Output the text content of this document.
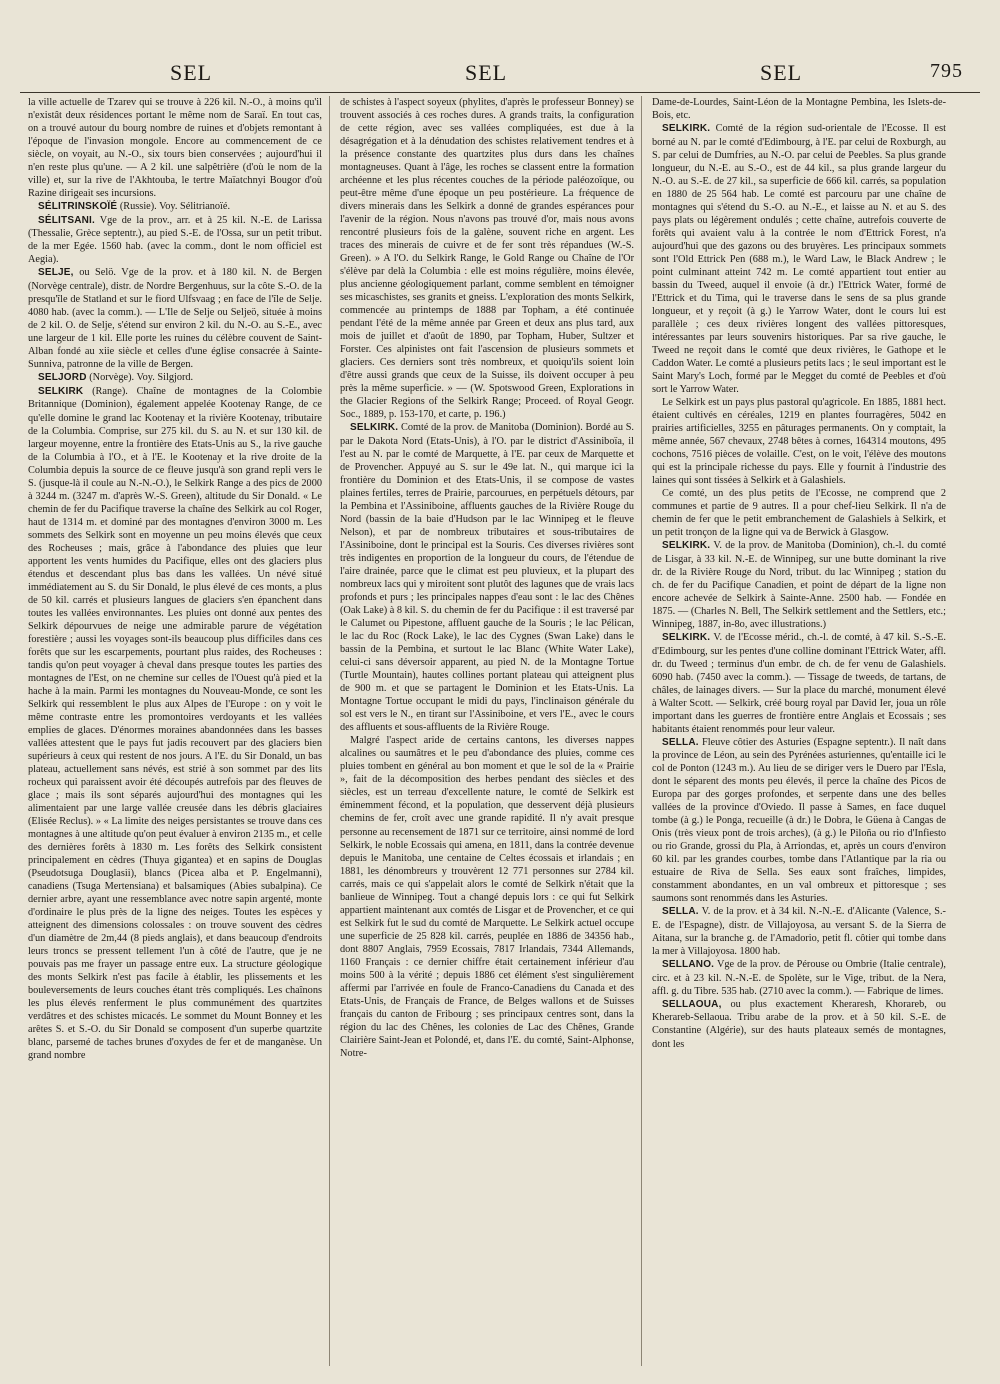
SEL	SEL	SEL	795

la ville actuelle de Tzarev qui se trouve à 226 kil. N.-O., à moins qu'il n'existât deux résidences portant le même nom de Saraï. En tout cas, on a trouvé autour du bourg nombre de ruines et d'objets remontant à l'époque de l'invasion mongole. Encore au commencement de ce siècle, on voyait, au N.-O., six tours bien conservées ; aujourd'hui il n'en reste plus qu'une. — A 2 kil. une salpêtrière (d'où le nom de la ville) et, sur la rive de l'Akhtouba, le tertre Maïatchnyi Bougor d'où Razine dirigeait ses incursions.

SÉLITRINSKOÏÉ (Russie). Voy. Sélitrianoïé.

SÉLITSANI. Vge de la prov., arr. et à 25 kil. N.-E. de Larissa (Thessalie, Grèce septentr.), au pied S.-E. de l'Ossa, sur un petit tribut. de la mer Egée. 1560 hab. (avec la comm., dont le nom officiel est Aegia).

SELJE, ou Selö. Vge de la prov. et à 180 kil. N. de Bergen (Norvège centrale), distr. de Nordre Bergenhuus, sur la côte S.-O. de la presqu'île de Statland et sur le fiord Ulfsvaag ; en face de l'île de Selje. 4080 hab. (avec la comm.). — L'Ile de Selje ou Seljeö, située à moins de 2 kil. O. de Selje, s'étend sur environ 2 kil. du N.-O. au S.-E., avec une largeur de 1 kil. Elle porte les ruines du célèbre couvent de Saint-Alban fondé au xiie siècle et celles d'une église consacrée à Sainte-Sunniva, patronne de la ville de Bergen.

SELJORD (Norvège). Voy. Silgjord.

SELKIRK (Range). Chaîne de montagnes de la Colombie Britannique (Dominion), également appelée Kootenay Range, de ce qu'elle domine le grand lac Kootenay et la rivière Kootenay, tributaire de la Columbia. Comprise, sur 275 kil. du S. au N. et sur 130 kil. de largeur moyenne, entre la frontière des Etats-Unis au S., la rive gauche de la Columbia à l'O., et à l'E. le Kootenay et la rive droite de la Columbia depuis la source de ce fleuve jusqu'à son grand repli vers le S. (jusque-là il coule au N.-N.-O.), le Selkirk Range a des pics de 2000 à 3244 m. (3247 m. d'après W.-S. Green), altitude du Sir Donald. « Le chemin de fer du Pacifique traverse la chaîne des Selkirk au col Roger, haut de 1314 m. et dominé par des montagnes d'environ 3000 m. Les sommets des Selkirk sont en moyenne un peu moins élevés que ceux des Rocheuses ; mais, grâce à l'abondance des pluies que leur apportent les vents humides du Pacifique, elles ont des glaciers plus étendus et descendant plus bas dans les vallées. Un névé situé immédiatement au S. du Sir Donald, le plus élevé de ces monts, a plus de 50 kil. carrés et plusieurs langues de glaciers s'en épanchent dans toutes les vallées environnantes. Les pluies ont donné aux pentes des Selkirk dépourvues de neige une admirable parure de végétation forestière ; aussi les voyages sont-ils beaucoup plus difficiles dans ces forêts que sur les escarpements, pourtant plus raides, des Rocheuses : tandis qu'on peut voyager à cheval dans presque toutes les parties des montagnes de l'Est, on ne chemine sur celles de l'Ouest qu'à pied et la hache à la main. Parmi les montagnes du Nouveau-Monde, ce sont les Selkirk qui ressemblent le plus aux Alpes de l'Europe : on y voit le même contraste entre les promontoires verdoyants et les vallées emplies de glaces. D'énormes moraines abandonnées dans les basses vallées attestent que le pays fut jadis recouvert par des glaciers bien supérieurs à ceux qui restent de nos jours. A l'E. du Sir Donald, un bas plateau, actuellement sans névés, est strié à son sommet par des lits rocheux qui paraissent avoir été découpés autrefois par des fleuves de glace ; mais ils sont séparés aujourd'hui des montagnes qui les alimentaient par une large vallée creusée dans les débris glaciaires (Elisée Reclus). » « La limite des neiges persistantes se trouve dans ces montagnes à une altitude qu'on peut évaluer à environ 2135 m., et celle des dernières forêts à 1830 m. Les forêts des Selkirk consistent principalement en cèdres (Thuya gigantea) et en sapins de Douglas (Pseudotsuga Douglasii), blancs (Picea alba et P. Engelmanni), canadiens (Tsuga Mertensiana) et balsamiques (Abies subalpina). Ce dernier arbre, ayant une ressemblance avec notre sapin argenté, monte d'ordinaire le plus près de la ligne des neiges. Toutes les espèces y atteignent des dimensions colossales : on trouve souvent des cèdres d'un diamètre de 2m,44 (8 pieds anglais), et dans beaucoup d'endroits leurs troncs se pressent tellement l'un à côté de l'autre, que je ne pouvais pas me frayer un passage entre eux. La structure géologique des monts Selkirk n'est pas facile à établir, les plissements et les bouleversements de leurs couches étant très compliqués. Les chaînons les plus élevés renferment le plus communément des quartzites verdâtres et des schistes micacés. Le sommet du Mount Bonney et les arêtes S. et S.-O. du Sir Donald se composent d'un superbe quartzite blanc, parsemé de taches brunes d'oxydes de fer et de manganèse. Un grand nombre

de schistes à l'aspect soyeux (phylites, d'après le professeur Bonney) se trouvent associés à ces roches dures. A grands traits, la configuration de cette région, avec ses vallées compliquées, est due à la désagrégation et à la dénudation des schistes relativement tendres et à la présence constante des quartzites plus durs dans les chaînes montagneuses. Quant à l'âge, les roches se classent entre la formation archéenne et les plus récentes couches de la période paléozoïque, ou peut-être même d'une époque un peu postérieure. La fréquence de divers minerais dans les Selkirk a donné de grandes espérances pour l'avenir de la région. Nous n'avons pas trouvé d'or, mais nous avons rencontré plusieurs fois de la galène, souvent riche en argent. Les traces des minerais de cuivre et de fer sont très répandues (W.-S. Green). » A l'O. du Selkirk Range, le Gold Range ou Chaîne de l'Or s'élève par delà la Columbia : elle est moins régulière, moins élevée, plus ancienne géologiquement parlant, comme semblent en témoigner ses micaschistes, ses granits et gneiss. L'exploration des monts Selkirk, commencée au printemps de 1888 par Topham, a été continuée pendant l'été de la même année par Green et deux ans plus tard, aux mois de juillet et d'août de 1890, par Topham, Huber, Sultzer et Forster. Ces alpinistes ont fait l'ascension de plusieurs sommets et glaciers. Ces derniers sont très nombreux, et quoiqu'ils soient loin d'être aussi grands que ceux de la Suisse, ils doivent occuper à peu près la même superficie. » — (W. Spotswood Green, Explorations in the Glacier Regions of the Selkirk Range; Proceed. of Royal Geogr. Soc., 1889, p. 153-170, et carte, p. 196.)

SELKIRK. Comté de la prov. de Manitoba (Dominion). Bordé au S. par le Dakota Nord (Etats-Unis), à l'O. par le district d'Assiniboïa, il l'est au N. par le comté de Marquette, à l'E. par ceux de Marquette et de Provencher. Appuyé au S. sur le 49e lat. N., qui marque ici la frontière du Dominion et des Etats-Unis, il se compose de vastes plaines fertiles, terres de Prairie, parcourues, en perpétuels détours, par la Pembina et l'Assiniboine, affluents gauches de la Rivière Rouge du Nord (bassin de la baie d'Hudson par le lac Winnipeg et le fleuve Nelson), et par de nombreux tributaires et sous-tributaires de l'Assiniboine, dont le principal est la Souris. Ces diverses rivières sont très indigentes en proportion de la longueur du cours, de l'étendue de l'aire drainée, parce que le climat est peu pluvieux, et la plupart des nombreux lacs qui y miroitent sont plutôt des lagunes que de vrais lacs profonds et purs ; les principales nappes d'eau sont : le lac des Chênes (Oak Lake) à 8 kil. S. du chemin de fer du Pacifique : il est traversé par le Calumet ou Pipestone, affluent gauche de la Souris ; le lac Pélican, le lac du Roc (Rock Lake), le lac des Cygnes (Swan Lake) dans le bassin de la Pembina, et surtout le lac Blanc (White Water Lake), celui-ci sans déversoir apparent, au pied N. de la Montagne Tortue (Turtle Mountain), hautes collines portant plateau qui atteignent plus de 900 m. et que se partagent le Dominion et les Etats-Unis. La Montagne Tortue occupant le midi du pays, l'inclinaison générale du sol est vers le N., en tirant sur l'Assiniboine, et vers l'E., avec le cours des affluents et sous-affluents de la Rivière Rouge.

Malgré l'aspect aride de certains cantons, les diverses nappes alcalines ou saumâtres et le peu d'abondance des pluies, comme ces pluies tombent en général au bon moment et que le sol de la « Prairie », fait de la décomposition des herbes pendant des siècles et des siècles, est un terreau d'excellente nature, le comté de Selkirk est éminemment fécond, et la population, que desservent déjà plusieurs chemins de fer, croît avec une grande rapidité. Il n'y avait presque personne au recensement de 1871 sur ce territoire, ainsi nommé de lord Selkirk, le noble Ecossais qui amena, en 1811, dans la contrée devenue depuis le Manitoba, une centaine de Celtes écossais et irlandais ; en 1881, les dénombreurs y trouvèrent 12 771 personnes sur 2784 kil. carrés, mais ce qui s'appelait alors le comté de Selkirk n'était que la banlieue de Winnipeg. Tout a changé depuis lors : ce qui fut Selkirk appartient maintenant aux comtés de Lisgar et de Provencher, et ce qui est Selkirk fut le sud du comté de Marquette. Le Selkirk actuel occupe une superficie de 25 828 kil. carrés, peuplée en 1886 de 34356 hab., dont 8807 Anglais, 7959 Ecossais, 7817 Irlandais, 7344 Allemands, 1160 Français : ce dernier chiffre était certainement inférieur d'au moins 500 à la vérité ; depuis 1886 cet élément s'est singulièrement affermi par l'arrivée en foule de Franco-Canadiens du Canada et des Etats-Unis, de Français de France, de Belges wallons et de Suisses français du canton de Fribourg ; ses principaux centres sont, dans la région du lac des Chênes, les colonies de Lac des Chênes, Grande Clairière Saint-Jean et Polondé, et, dans l'E. du comté, Saint-Alphonse, Notre-

Dame-de-Lourdes, Saint-Léon de la Montagne Pembina, les Islets-de-Bois, etc.

SELKIRK. Comté de la région sud-orientale de l'Ecosse. Il est borné au N. par le comté d'Edimbourg, à l'E. par celui de Roxburgh, au S. par celui de Dumfries, au N.-O. par celui de Peebles. Sa plus grande longueur, du N.-E. au S.-O., est de 44 kil., sa plus grande largeur du N.-O. au S.-E. de 27 kil., sa superficie de 666 kil. carrés, sa population en 1880 de 25 564 hab. Le comté est parcouru par une chaîne de montagnes qui s'étend du S.-O. au N.-E., et laisse au N. et au S. des pays plats ou légèrement ondulés ; cette chaîne, autrefois couverte de forêts qui avaient valu à la contrée le nom d'Ettrick Forest, n'a aujourd'hui que des gazons ou des bruyères. Les principaux sommets sont l'Old Ettrick Pen (688 m.), le Ward Law, le Black Andrew ; le point culminant atteint 742 m. Le comté appartient tout entier au bassin du Tweed, auquel il envoie (à dr.) l'Ettrick Water, formé de l'Ettrick et du Tima, qui le traverse dans le sens de sa plus grande longueur, et y reçoit (à g.) le Yarrow Water, dont le cours lui est parallèle ; ces deux rivières longent des vallées pittoresques, intéressantes par leurs souvenirs historiques. Par sa rive gauche, le Tweed ne reçoit dans le comté que deux rivières, le Gathope et le Caddon Water. Le comté a plusieurs petits lacs ; le seul important est le Saint Mary's Loch, formé par le Megget du comté de Peebles et d'où sort le Yarrow Water.

Le Selkirk est un pays plus pastoral qu'agricole. En 1885, 1881 hect. étaient cultivés en céréales, 1219 en plantes fourragères, 5042 en prairies artificielles, 3255 en pâturages permanents. On y comptait, la même année, 567 chevaux, 2748 bêtes à cornes, 164314 moutons, 495 cochons, 7516 pièces de volaille. C'est, on le voit, l'élève des moutons qui est la principale richesse du pays. Elle y fournit à l'industrie des laines qui sont tissées à Selkirk et à Galashiels.

Ce comté, un des plus petits de l'Ecosse, ne comprend que 2 communes et partie de 9 autres. Il a pour chef-lieu Selkirk. Il n'a de chemin de fer que le petit embranchement de Galashiels à Selkirk, et un petit tronçon de la ligne qui va de Berwick à Glasgow.

SELKIRK. V. de la prov. de Manitoba (Dominion), ch.-l. du comté de Lisgar, à 33 kil. N.-E. de Winnipeg, sur une butte dominant la rive dr. de la Rivière Rouge du Nord, tribut. du lac Winnipeg ; station du ch. de fer du Pacifique Canadien, et point de départ de la ligne non encore achevée de Selkirk à Sainte-Anne. 2500 hab. — Fondée en 1875. — (Charles N. Bell, The Selkirk settlement and the Settlers, etc.; Winnipeg, 1887, in-8o, avec illustrations.)

SELKIRK. V. de l'Ecosse mérid., ch.-l. de comté, à 47 kil. S.-S.-E. d'Edimbourg, sur les pentes d'une colline dominant l'Ettrick Water, affl. dr. du Tweed ; terminus d'un embr. de ch. de fer venu de Galashiels. 6090 hab. (7450 avec la comm.). — Tissage de tweeds, de tartans, de châles, de lainages divers. — Sur la place du marché, monument élevé à Walter Scott. — Selkirk, créé bourg royal par David Ier, joua un rôle important dans les guerres de frontière entre Anglais et Ecossais ; ses habitants étaient renommés pour leur valeur.

SELLA. Fleuve côtier des Asturies (Espagne septentr.). Il naît dans la province de Léon, au sein des Pyrénées asturiennes, qu'entaille ici le col de Ponton (1243 m.). Au lieu de se diriger vers le Duero par l'Esla, dont le séparent des monts peu élevés, il perce la chaîne des Picos de Europa par des gorges profondes, et serpente dans une des belles vallées de la province d'Oviedo. Il passe à Sames, en face duquel tombe (à g.) le Ponga, recueille (à dr.) le Dobra, le Güena à Cangas de Onis (très vieux pont de trois arches), (à g.) le Piloña ou rio d'Infiesto ou rio Grande, grossi du Pla, à Arriondas, et, après un cours d'environ 60 kil. par les grandes courbes, tombe dans l'Atlantique par la ria ou estuaire de Riva de Sella. Ses eaux sont fraîches, limpides, constamment abondantes, en un val ombreux et pittoresque ; ses saumons sont renommés dans les Asturies.

SELLA. V. de la prov. et à 34 kil. N.-N.-E. d'Alicante (Valence, S.-E. de l'Espagne), distr. de Villajoyosa, au versant S. de la Sierra de Aitana, sur la branche g. de l'Amadorio, petit fl. côtier qui tombe dans la mer à Villajoyosa. 1800 hab.

SELLANO. Vge de la prov. de Pérouse ou Ombrie (Italie centrale), circ. et à 23 kil. N.-N.-E. de Spolète, sur le Vige, tribut. de la Nera, affl. g. du Tibre. 535 hab. (2710 avec la comm.). — Fabrique de limes.

SELLAOUA, ou plus exactement Kheraresh, Khorareb, ou Kherareb-Sellaoua. Tribu arabe de la prov. et à 50 kil. S.-E. de Constantine (Algérie), sur des hauts plateaux semés de montagnes, dont les
